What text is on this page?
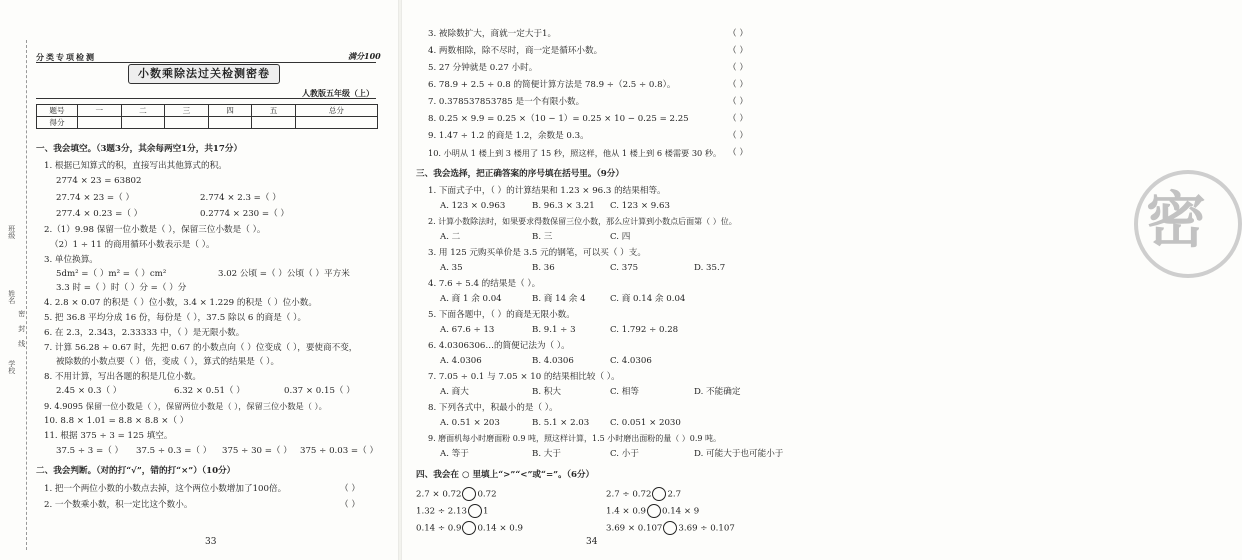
学校
姓名
密
封
线
班级
分类专项检测	满分100
小数乘除法过关检测密卷
人教版五年级（上）
题号	一	二	三	四	五	总分
得分						
一、我会填空。（3题3分，其余每两空1分，共17分）
1. 根据已知算式的积，直接写出其他算式的积。
2774 × 23 = 63802
27.74 × 23 =（ ）	2.774 × 2.3 =（ ）
277.4 × 0.23 =（ ）	0.2774 × 230 =（ ）
2.（1）9.98 保留一位小数是（ ），保留三位小数是（ ）。
（2）1 ÷ 11 的商用循环小数表示是（ ）。
3. 单位换算。
5dm² =（ ）m² =（ ）cm²	3.02 公顷 =（ ）公顷（ ）平方米
3.3 时 =（ ）时（ ）分 =（ ）分
4. 2.8 × 0.07 的积是（ ）位小数，3.4 × 1.229 的积是（ ）位小数。
5. 把 36.8 平均分成 16 份，每份是（ ），37.5 除以 6 的商是（ ）。
6. 在 2.3，2.343，2.33333 中，（ ）是无限小数。
7. 计算 56.28 ÷ 0.67 时，先把 0.67 的小数点向（ ）位变成（ ），要使商不变，
被除数的小数点要（ ）倍，变成（ ），算式的结果是（ ）。
8. 不用计算，写出各题的积是几位小数。
2.45 × 0.3（ ）	6.32 × 0.51（ ）	0.37 × 0.15（ ）
9. 4.9095 保留一位小数是（ ），保留两位小数是（ ），保留三位小数是（ ）。
10. 8.8 × 1.01 = 8.8 × 8.8 ×（ ）
11. 根据 375 ÷ 3 = 125 填空。
37.5 ÷ 3 =（ ） 37.5 ÷ 0.3 =（ ） 375 ÷ 30 =（ ） 375 ÷ 0.03 =（ ）
二、我会判断。（对的打“√”，错的打“×”）（10分）
1. 把一个两位小数的小数点去掉，这个两位小数增加了100倍。	（ ）
2. 一个数乘小数，积一定比这个数小。	（ ）
33
密
3. 被除数扩大，商就一定大于1。	（ ）
4. 两数相除，除不尽时，商一定是循环小数。	（ ）
5. 27 分钟就是 0.27 小时。	（ ）
6. 78.9 + 2.5 ÷ 0.8 的简便计算方法是 78.9 ÷（2.5 ÷ 0.8）。	（ ）
7. 0.378537853785 是一个有限小数。	（ ）
8. 0.25 × 9.9 = 0.25 ×（10 − 1）= 0.25 × 10 − 0.25 = 2.25	（ ）
9. 1.47 ÷ 1.2 的商是 1.2，余数是 0.3。	（ ）
10. 小明从 1 楼上到 3 楼用了 15 秒，照这样，他从 1 楼上到 6 楼需要 30 秒。 （ ）
三、我会选择，把正确答案的序号填在括号里。（9分）
1. 下面式子中，（ ）的计算结果和 1.23 × 96.3 的结果相等。
A. 123 × 0.963	B. 96.3 × 3.21 C. 123 × 9.63
2. 计算小数除法时，如果要求得数保留三位小数，那么应计算到小数点后面第（ ）位。
A. 二	B. 三	C. 四
3. 用 125 元购买单价是 3.5 元的钢笔，可以买（ ）支。
A. 35	B. 36	C. 375	D. 35.7
4. 7.6 ÷ 5.4 的结果是（ ）。
A. 商 1 余 0.04	B. 商 14 余 4	C. 商 0.14 余 0.04
5. 下面各题中，（ ）的商是无限小数。
A. 67.6 ÷ 13	B. 9.1 ÷ 3	C. 1.792 ÷ 0.28
6. 4.0306306…的简便记法为（ ）。
A. 4.0306	B. 4.0306	C. 4.0306
7. 7.05 ÷ 0.1 与 7.05 × 10 的结果相比较（ ）。
A. 商大	B. 积大	C. 相等	D. 不能确定
8. 下列各式中，积最小的是（ ）。
A. 0.51 × 203	B. 5.1 × 2.03 C. 0.051 × 2030
9. 磨面机每小时磨面粉 0.9 吨，照这样计算，1.5 小时磨出面粉的量（ ）0.9 吨。
A. 等于	B. 大于	C. 小于	D. 可能大于也可能小于
四、我会在 ○ 里填上“>”“<”或“=”。（6分）
2.7 × 0.72 0.72	2.7 ÷ 0.72 2.7
1.32 ÷ 2.13 1	1.4 × 0.9 0.14 × 9
0.14 ÷ 0.9 0.14 × 0.9	3.69 × 0.107 3.69 ÷ 0.107
34
